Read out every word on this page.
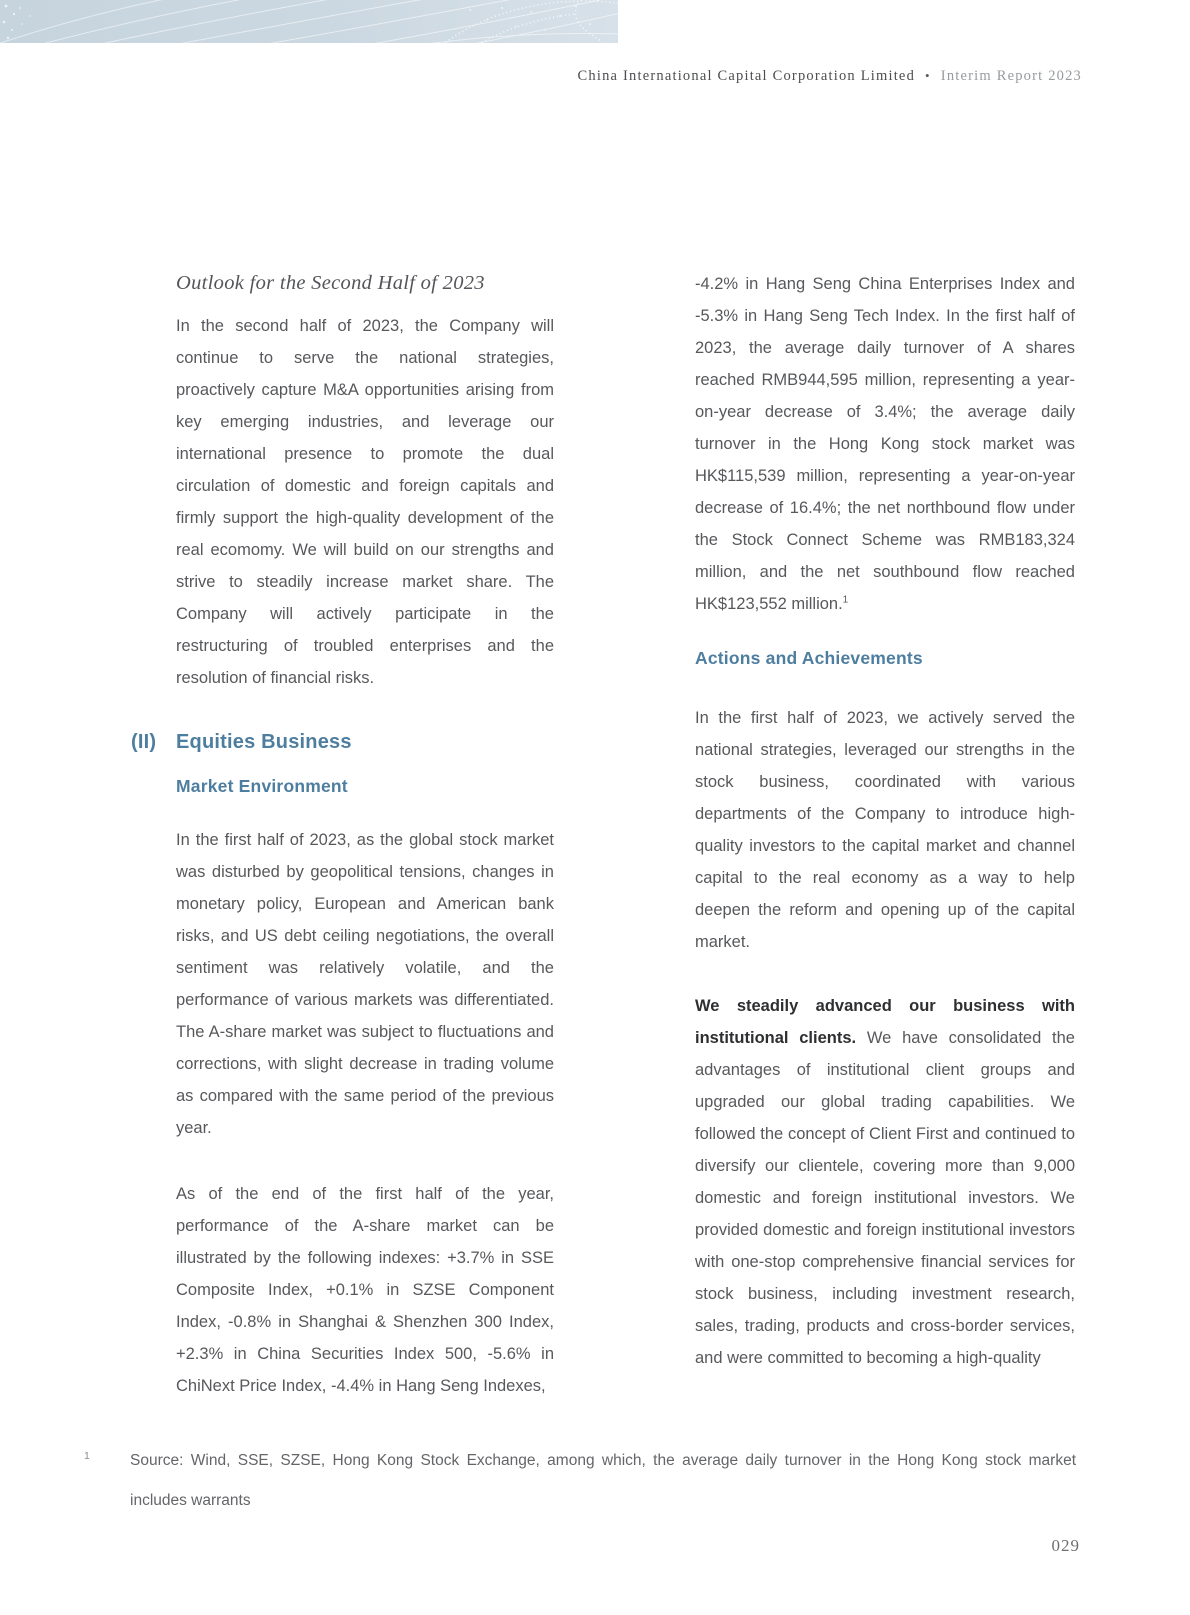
China International Capital Corporation Limited • Interim Report 2023
Outlook for the Second Half of 2023

In the second half of 2023, the Company will continue to serve the national strategies, proactively capture M&A opportunities arising from key emerging industries, and leverage our international presence to promote the dual circulation of domestic and foreign capitals and firmly support the high-quality development of the real ecomomy. We will build on our strengths and strive to steadily increase market share. The Company will actively participate in the restructuring of troubled enterprises and the resolution of financial risks.

(II) Equities Business
Market Environment

In the first half of 2023, as the global stock market was disturbed by geopolitical tensions, changes in monetary policy, European and American bank risks, and US debt ceiling negotiations, the overall sentiment was relatively volatile, and the performance of various markets was differentiated. The A-share market was subject to fluctuations and corrections, with slight decrease in trading volume as compared with the same period of the previous year.

As of the end of the first half of the year, performance of the A-share market can be illustrated by the following indexes: +3.7% in SSE Composite Index, +0.1% in SZSE Component Index, -0.8% in Shanghai & Shenzhen 300 Index, +2.3% in China Securities Index 500, -5.6% in ChiNext Price Index, -4.4% in Hang Seng Indexes,

-4.2% in Hang Seng China Enterprises Index and -5.3% in Hang Seng Tech Index. In the first half of 2023, the average daily turnover of A shares reached RMB944,595 million, representing a year-on-year decrease of 3.4%; the average daily turnover in the Hong Kong stock market was HK$115,539 million, representing a year-on-year decrease of 16.4%; the net northbound flow under the Stock Connect Scheme was RMB183,324 million, and the net southbound flow reached HK$123,552 million.$^1$

Actions and Achievements

In the first half of 2023, we actively served the national strategies, leveraged our strengths in the stock business, coordinated with various departments of the Company to introduce high-quality investors to the capital market and channel capital to the real economy as a way to help deepen the reform and opening up of the capital market.

We steadily advanced our business with institutional clients. We have consolidated the advantages of institutional client groups and upgraded our global trading capabilities. We followed the concept of Client First and continued to diversify our clientele, covering more than 9,000 domestic and foreign institutional investors. We provided domestic and foreign institutional investors with one-stop comprehensive financial services for stock business, including investment research, sales, trading, products and cross-border services, and were committed to becoming a high-quality

1	Source: Wind, SSE, SZSE, Hong Kong Stock Exchange, among which, the average daily turnover in the Hong Kong stock market includes warrants

029
